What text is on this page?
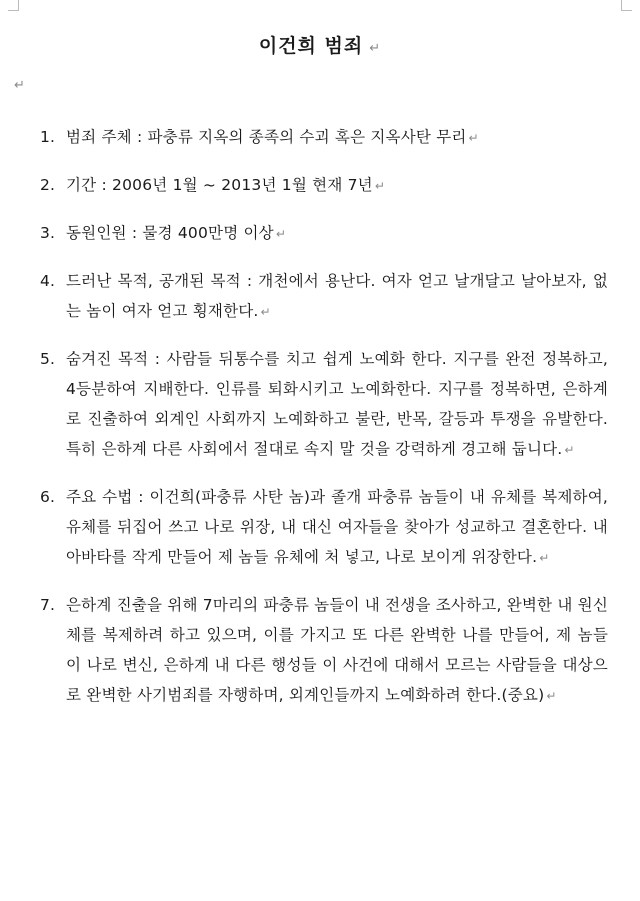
이건희 범죄 ↵
↵
1. 범죄 주체 : 파충류 지옥의 종족의 수괴 혹은 지옥사탄 무리 ↵
2. 기간 : 2006년 1월 ~ 2013년 1월 현재 7년 ↵
3. 동원인원 : 물경 400만명 이상 ↵
4. 드러난 목적, 공개된 목적 : 개천에서 용난다. 여자 얻고 날개달고 날아보자, 없는 놈이 여자 얻고 횡재한다. ↵
5. 숨겨진 목적 : 사람들 뒤통수를 치고 쉽게 노예화 한다. 지구를 완전 정복하고, 4등분하여 지배한다. 인류를 퇴화시키고 노예화한다. 지구를 정복하면, 은하계로 진출하여 외계인 사회까지 노예화하고 불란, 반목, 갈등과 투쟁을 유발한다. 특히 은하계 다른 사회에서 절대로 속지 말 것을 강력하게 경고해 둡니다. ↵
6. 주요 수법 : 이건희(파충류 사탄 놈)과 졸개 파충류 놈들이 내 유체를 복제하여, 유체를 뒤집어 쓰고 나로 위장, 내 대신 여자들을 찾아가 성교하고 결혼한다. 내 아바타를 작게 만들어 제 놈들 유체에 처 넣고, 나로 보이게 위장한다. ↵
7. 은하계 진출을 위해 7마리의 파충류 놈들이 내 전생을 조사하고, 완벽한 내 원신체를 복제하려 하고 있으며, 이를 가지고 또 다른 완벽한 나를 만들어, 제 놈들이 나로 변신, 은하계 내 다른 행성들 이 사건에 대해서 모르는 사람들을 대상으로 완벽한 사기범죄를 자행하며, 외계인들까지 노예화하려 한다.(중요) ↵
